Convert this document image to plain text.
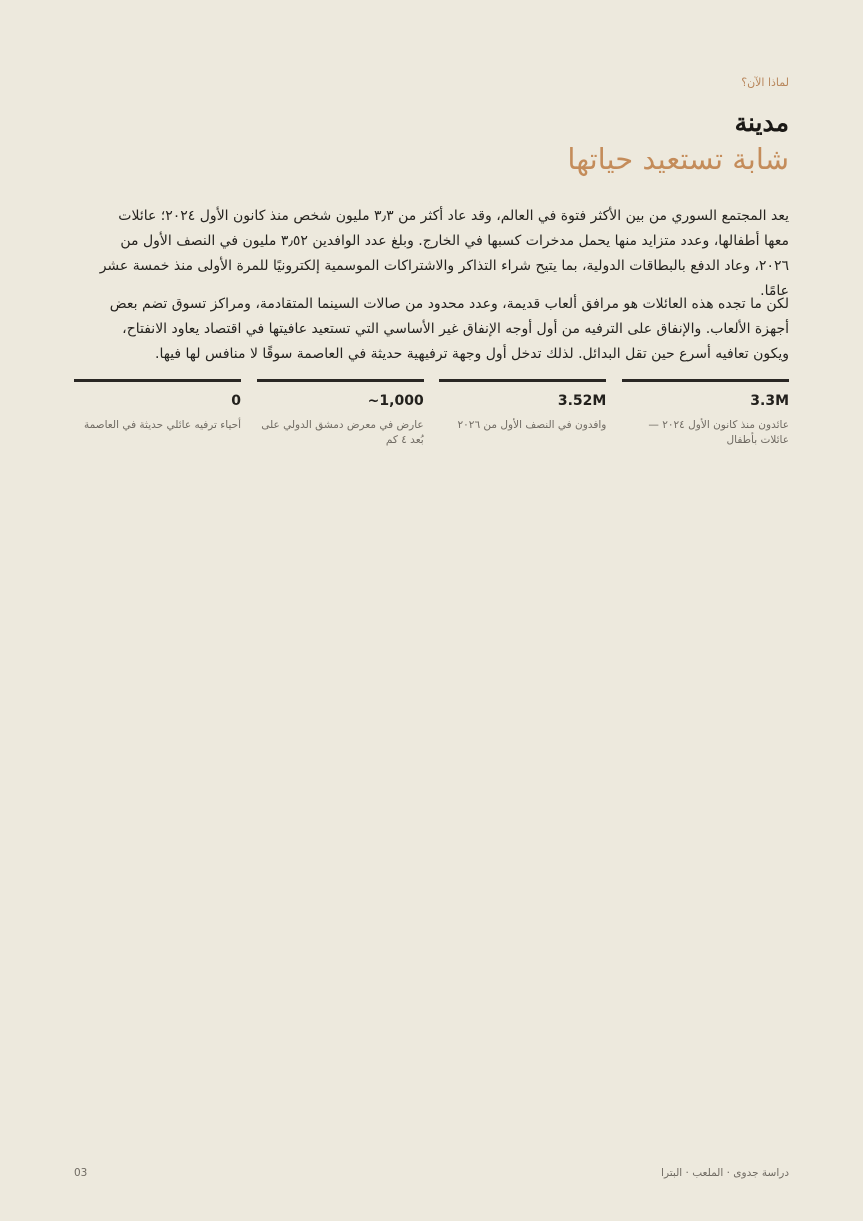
لماذا الآن؟
مدينة
شابة تستعيد حياتها

يعد المجتمع السوري من بين الأكثر فتوة في العالم، وقد عاد أكثر من ٣٫٣ مليون شخص منذ كانون الأول ٢٠٢٤؛ عائلات معها أطفالها، وعدد متزايد منها يحمل مدخرات كسبها في الخارج. وبلغ عدد الوافدين ٣٫٥٢ مليون في النصف الأول من ٢٠٢٦، وعاد الدفع بالبطاقات الدولية، بما يتيح شراء التذاكر والاشتراكات الموسمية إلكترونيًا للمرة الأولى منذ خمسة عشر عامًا.

لكن ما تجده هذه العائلات هو مرافق ألعاب قديمة، وعدد محدود من صالات السينما المتقادمة، ومراكز تسوق تضم بعض أجهزة الألعاب. والإنفاق على الترفيه من أول أوجه الإنفاق غير الأساسي التي تستعيد عافيتها في اقتصاد يعاود الانفتاح، ويكون تعافيه أسرع حين تقل البدائل. لذلك تدخل أول وجهة ترفيهية حديثة في العاصمة سوقًا لا منافس لها فيها.

3.3M
عائدون منذ كانون الأول ٢٠٢٤ — عائلات بأطفال
3.52M
وافدون في النصف الأول من ٢٠٢٦
~1,000
عارض في معرض دمشق الدولي على بُعد ٤ كم
0
أحياء ترفيه عائلي حديثة في العاصمة
03	دراسة جدوى · الملعب · البترا
